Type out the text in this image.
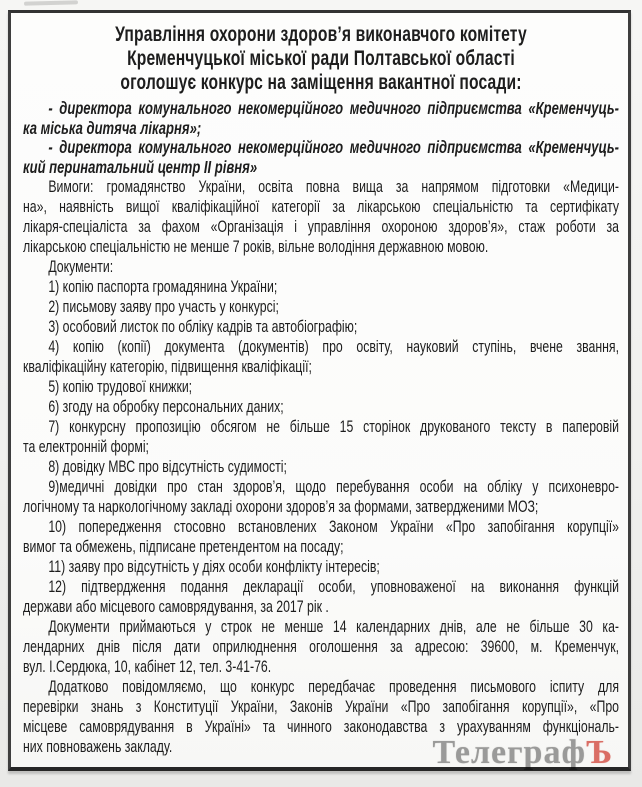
Управління охорони здоров’я виконавчого комітету
Кременчуцької міської ради Полтавської області
оголошує конкурс на заміщення вакантної посади:
- директора комунального некомерційного медичного підприємства «Кременчуць-
ка міська дитяча лікарня»;
- директора комунального некомерційного медичного підприємства «Кременчуць-
кий перинатальний центр ІІ рівня»
Вимоги: громадянство України, освіта повна вища за напрямом підготовки «Медици-
на», наявність вищої кваліфікаційної категорії за лікарською спеціальністю та сертифікату
лікаря-спеціаліста за фахом «Організація і управління охороною здоров’я», стаж роботи за
лікарською спеціальністю не менше 7 років, вільне володіння державною мовою.
Документи:
1) копію паспорта громадянина України;
2) письмову заяву про участь у конкурсі;
3) особовий листок по обліку кадрів та автобіографію;
4) копію (копії) документа (документів) про освіту, науковий ступінь, вчене звання,
кваліфікаційну категорію, підвищення кваліфікації;
5) копію трудової книжки;
6) згоду на обробку персональних даних;
7) конкурсну пропозицію обсягом не більше 15 сторінок друкованого тексту в паперовій
та електронній формі;
8) довідку МВС про відсутність судимості;
9)медичні довідки про стан здоров’я, щодо перебування особи на обліку у психоневро-
логічному та наркологічному закладі охорони здоров’я за формами, затвердженими МОЗ;
10) попередження стосовно встановлених Законом України «Про запобігання корупції»
вимог та обмежень, підписане претендентом на посаду;
11) заяву про відсутність у діях особи конфлікту інтересів;
12) підтвердження подання декларації особи, уповноваженої на виконання функцій
держави або місцевого самоврядування, за 2017 рік .
Документи приймаються у строк не менше 14 календарних днів, але не більше 30 ка-
лендарних днів після дати оприлюднення оголошення за адресою: 39600, м. Кременчук,
вул. І.Сердюка, 10, кабінет 12, тел. 3-41-76.
Додатково повідомляємо, що конкурс передбачає проведення письмового іспиту для
перевірки знань з Конституції України, Законів України «Про запобігання корупції», «Про
місцеве самоврядування в Україні» та чинного законодавства з урахуванням функціональ-
них повноважень закладу.	ТелеграфЪ
